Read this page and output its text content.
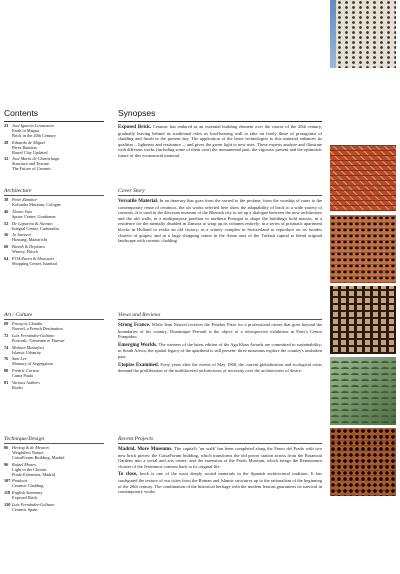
Contents
23 José Ignacio Linazasoro
Earth in Magna
Brick in the 20th Century
28 Eduardo de Miguel
Pérez Bautista
Barrel Clay Updated
32 José María de Churtichaga
Structure and Texture
The Future of Ceramic
Architecture
38 Peter Zumthor
Kolumba Museum, Cologne
46 Álvaro Siza
Sports Center, Gondomar
52 De Lapuerta & Asensio
Integral Center, Carboneles
56 Jo Janssen
Housing, Maastricht
60 Bearth & Deplazes
Winery, Fläsch
64 FOA/Zaera & Moussavi
Shopping Center, Istanbul
Art / Culture
69 François Claudin
Nouvel, a French Destination
72 Luis Fernández-Galiano
Portrush, 'Gemeinte et Finesse'
74 Mohsen Mostafavi
Islamic Urbanity
76 Sam Lee
Memory of Segregation
80 Fredric Cortese
Cuma Paula
81 Various Authors
Books
Technique/Design
86 Herzog & de Meuron
Weightless Nature
CaixaForum Building, Madrid
96 Rafael Moneo
Light to the Cloister
Prado Extension, Madrid
107 Products
Ceramic Cladding
118 English Summary
Exposed Brick
120 Luis Fernández-Galiano
Ceramic Spain
Synopses

Exposed Brick. Ceramic has endured as an essential building element over the course of the 20th century, gradually leaving behind its traditional roles as load-bearing wall to take on freely those of protagonist of cladding and finish in the present day. The application of the latest technologies to this material enhances its qualities – lightness and resistance –, and gives the green light to new uses. These experts analyze and illustrate with different works (including some of them own) the monumental past, the vigorous present and the optimistic future of this economical material.

Cover Story

Versatile Material. In an itinerary that goes from the sacred to the profane, from the worship of ruins to the contemporary reuse of ceramics, the six works selected here show the adaptability of brick to a wide variety of contexts. It is used in the diocesan museum of the Rhenish city to set up a dialogue between the new architecture and the old walls, in a multipurpose pavilion in northern Portugal to shape the building's bold masses, in a residence for the mentally disabled in Zamora to wrap up its volumes entirely; in a series of prismatic apartment blocks in Holland to evoke an old factory; in a winery complex in Switzerland to reproduce on its facades clusters of grapes; and in a large shopping center in the Asian area of the Turkish capital to blend original landscape with ceramic cladding.

Views and Reviews

Strong France. While Jean Nouvel receives the Pritzker Prize for a professional career that goes beyond the boundaries of his country, Dominique Perrault is the object of a retrospective exhibition in Paris's Centre Pompidou.

Emerging Worlds. The winners of the latest edition of the Aga Khan Awards are committed to sustainability; in South Africa, the spatial legacy of the apartheid is still present: three museums explore the country's unshaken past.

Utopias Examined. Forty years after the events of May 1968, the current globalization and ecological crisis demand the proliferation of the multifaceted architectures of necessity over the architectures of desire.

Recent Projects

Madrid, More Museums. The capital's 'art walk' has been completed along the Paseo del Prado with two new brick pieces: the CaixaForum building, which transforms the old power station across from the Botanical Gardens into a social and arts center; and the extension of the Prado Museum, which brings the Renaissance cloister of the Jerónimos convent back to its original life.

To close, brick is one of the most deeply rooted materials in the Spanish architectural tradition. It has configured the texture of our cities from the Roman and Islamic structures up to the rationalism of the beginning of the 20th century. The combination of the historical heritage with the modern lessons guarantees its survival in contemporary works.
